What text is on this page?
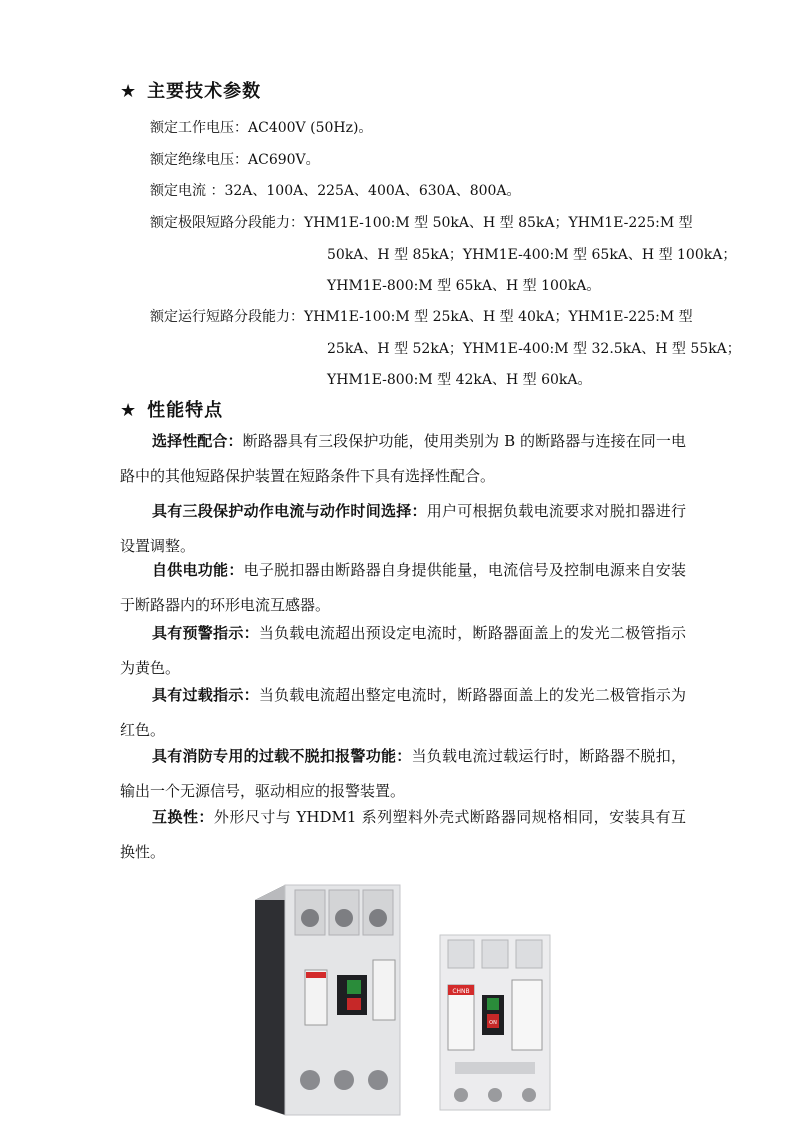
★ 主要技术参数
额定工作电压：AC400V (50Hz)。
额定绝缘电压：AC690V。
额定电流 ：32A、100A、225A、400A、630A、800A。
额定极限短路分段能力：YHM1E-100:M 型 50kA、H 型 85kA；YHM1E-225:M 型
50kA、H 型 85kA；YHM1E-400:M 型 65kA、H 型 100kA；
YHM1E-800:M 型 65kA、H 型 100kA。
额定运行短路分段能力：YHM1E-100:M 型 25kA、H 型 40kA；YHM1E-225:M 型
25kA、H 型 52kA；YHM1E-400:M 型 32.5kA、H 型 55kA；
YHM1E-800:M 型 42kA、H 型 60kA。
★ 性能特点
选择性配合：断路器具有三段保护功能，使用类别为 B 的断路器与连接在同一电路中的其他短路保护装置在短路条件下具有选择性配合。
具有三段保护动作电流与动作时间选择：用户可根据负载电流要求对脱扣器进行设置调整。
自供电功能：电子脱扣器由断路器自身提供能量，电流信号及控制电源来自安装于断路器内的环形电流互感器。
具有预警指示：当负载电流超出预设定电流时，断路器面盖上的发光二极管指示为黄色。
具有过载指示：当负载电流超出整定电流时，断路器面盖上的发光二极管指示为红色。
具有消防专用的过载不脱扣报警功能：当负载电流过载运行时，断路器不脱扣，输出一个无源信号，驱动相应的报警装置。
互换性：外形尺寸与 YHDM1 系列塑料外壳式断路器同规格相同，安装具有互换性。
CHNB
ON
